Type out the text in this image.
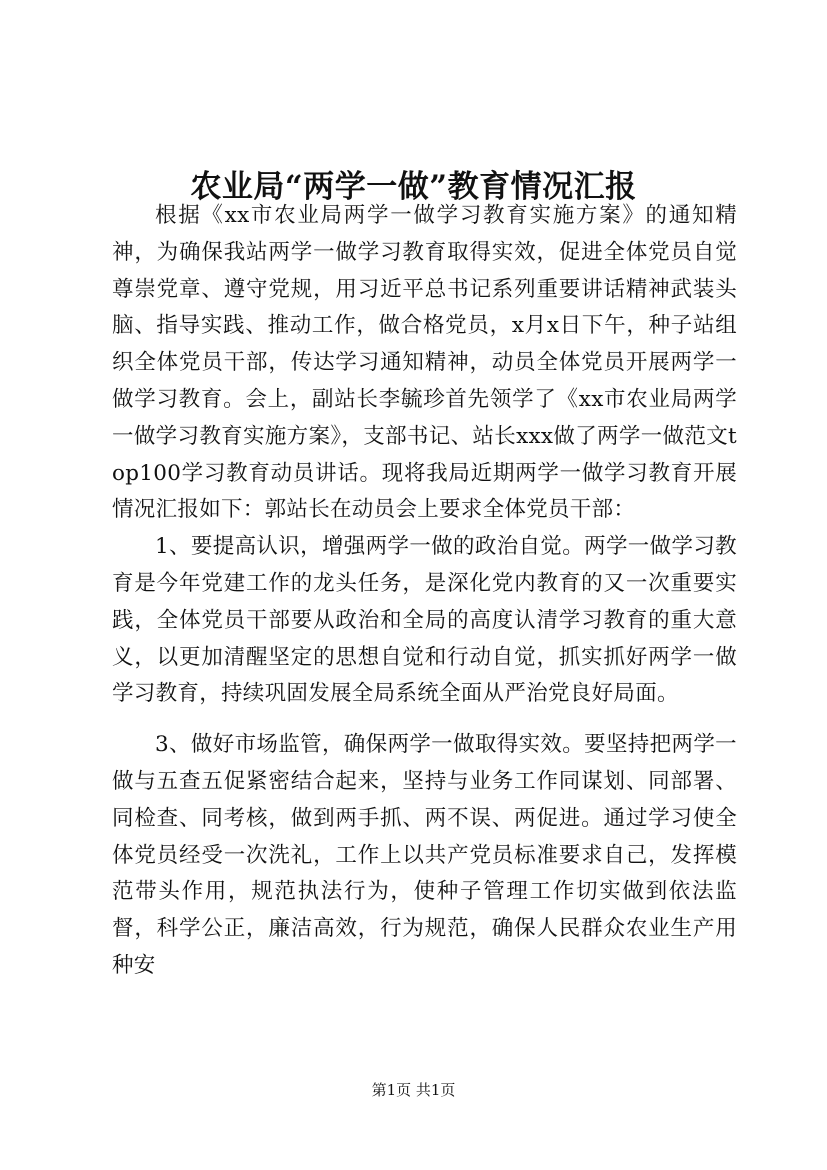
农业局“两学一做”教育情况汇报

根据《xx市农业局两学一做学习教育实施方案》的通知精神，为确保我站两学一做学习教育取得实效，促进全体党员自觉尊崇党章、遵守党规，用习近平总书记系列重要讲话精神武装头脑、指导实践、推动工作，做合格党员，x月x日下午，种子站组织全体党员干部，传达学习通知精神，动员全体党员开展两学一做学习教育。会上，副站长李毓珍首先领学了《xx市农业局两学一做学习教育实施方案》，支部书记、站长xxx做了两学一做范文top100学习教育动员讲话。现将我局近期两学一做学习教育开展情况汇报如下：郭站长在动员会上要求全体党员干部：

1、要提高认识，增强两学一做的政治自觉。两学一做学习教育是今年党建工作的龙头任务，是深化党内教育的又一次重要实践，全体党员干部要从政治和全局的高度认清学习教育的重大意义，以更加清醒坚定的思想自觉和行动自觉，抓实抓好两学一做学习教育，持续巩固发展全局系统全面从严治党良好局面。

3、做好市场监管，确保两学一做取得实效。要坚持把两学一做与五查五促紧密结合起来，坚持与业务工作同谋划、同部署、同检查、同考核，做到两手抓、两不误、两促进。通过学习使全体党员经受一次洗礼，工作上以共产党员标准要求自己，发挥模范带头作用，规范执法行为，使种子管理工作切实做到依法监督，科学公正，廉洁高效，行为规范，确保人民群众农业生产用种安

第1页 共1页
